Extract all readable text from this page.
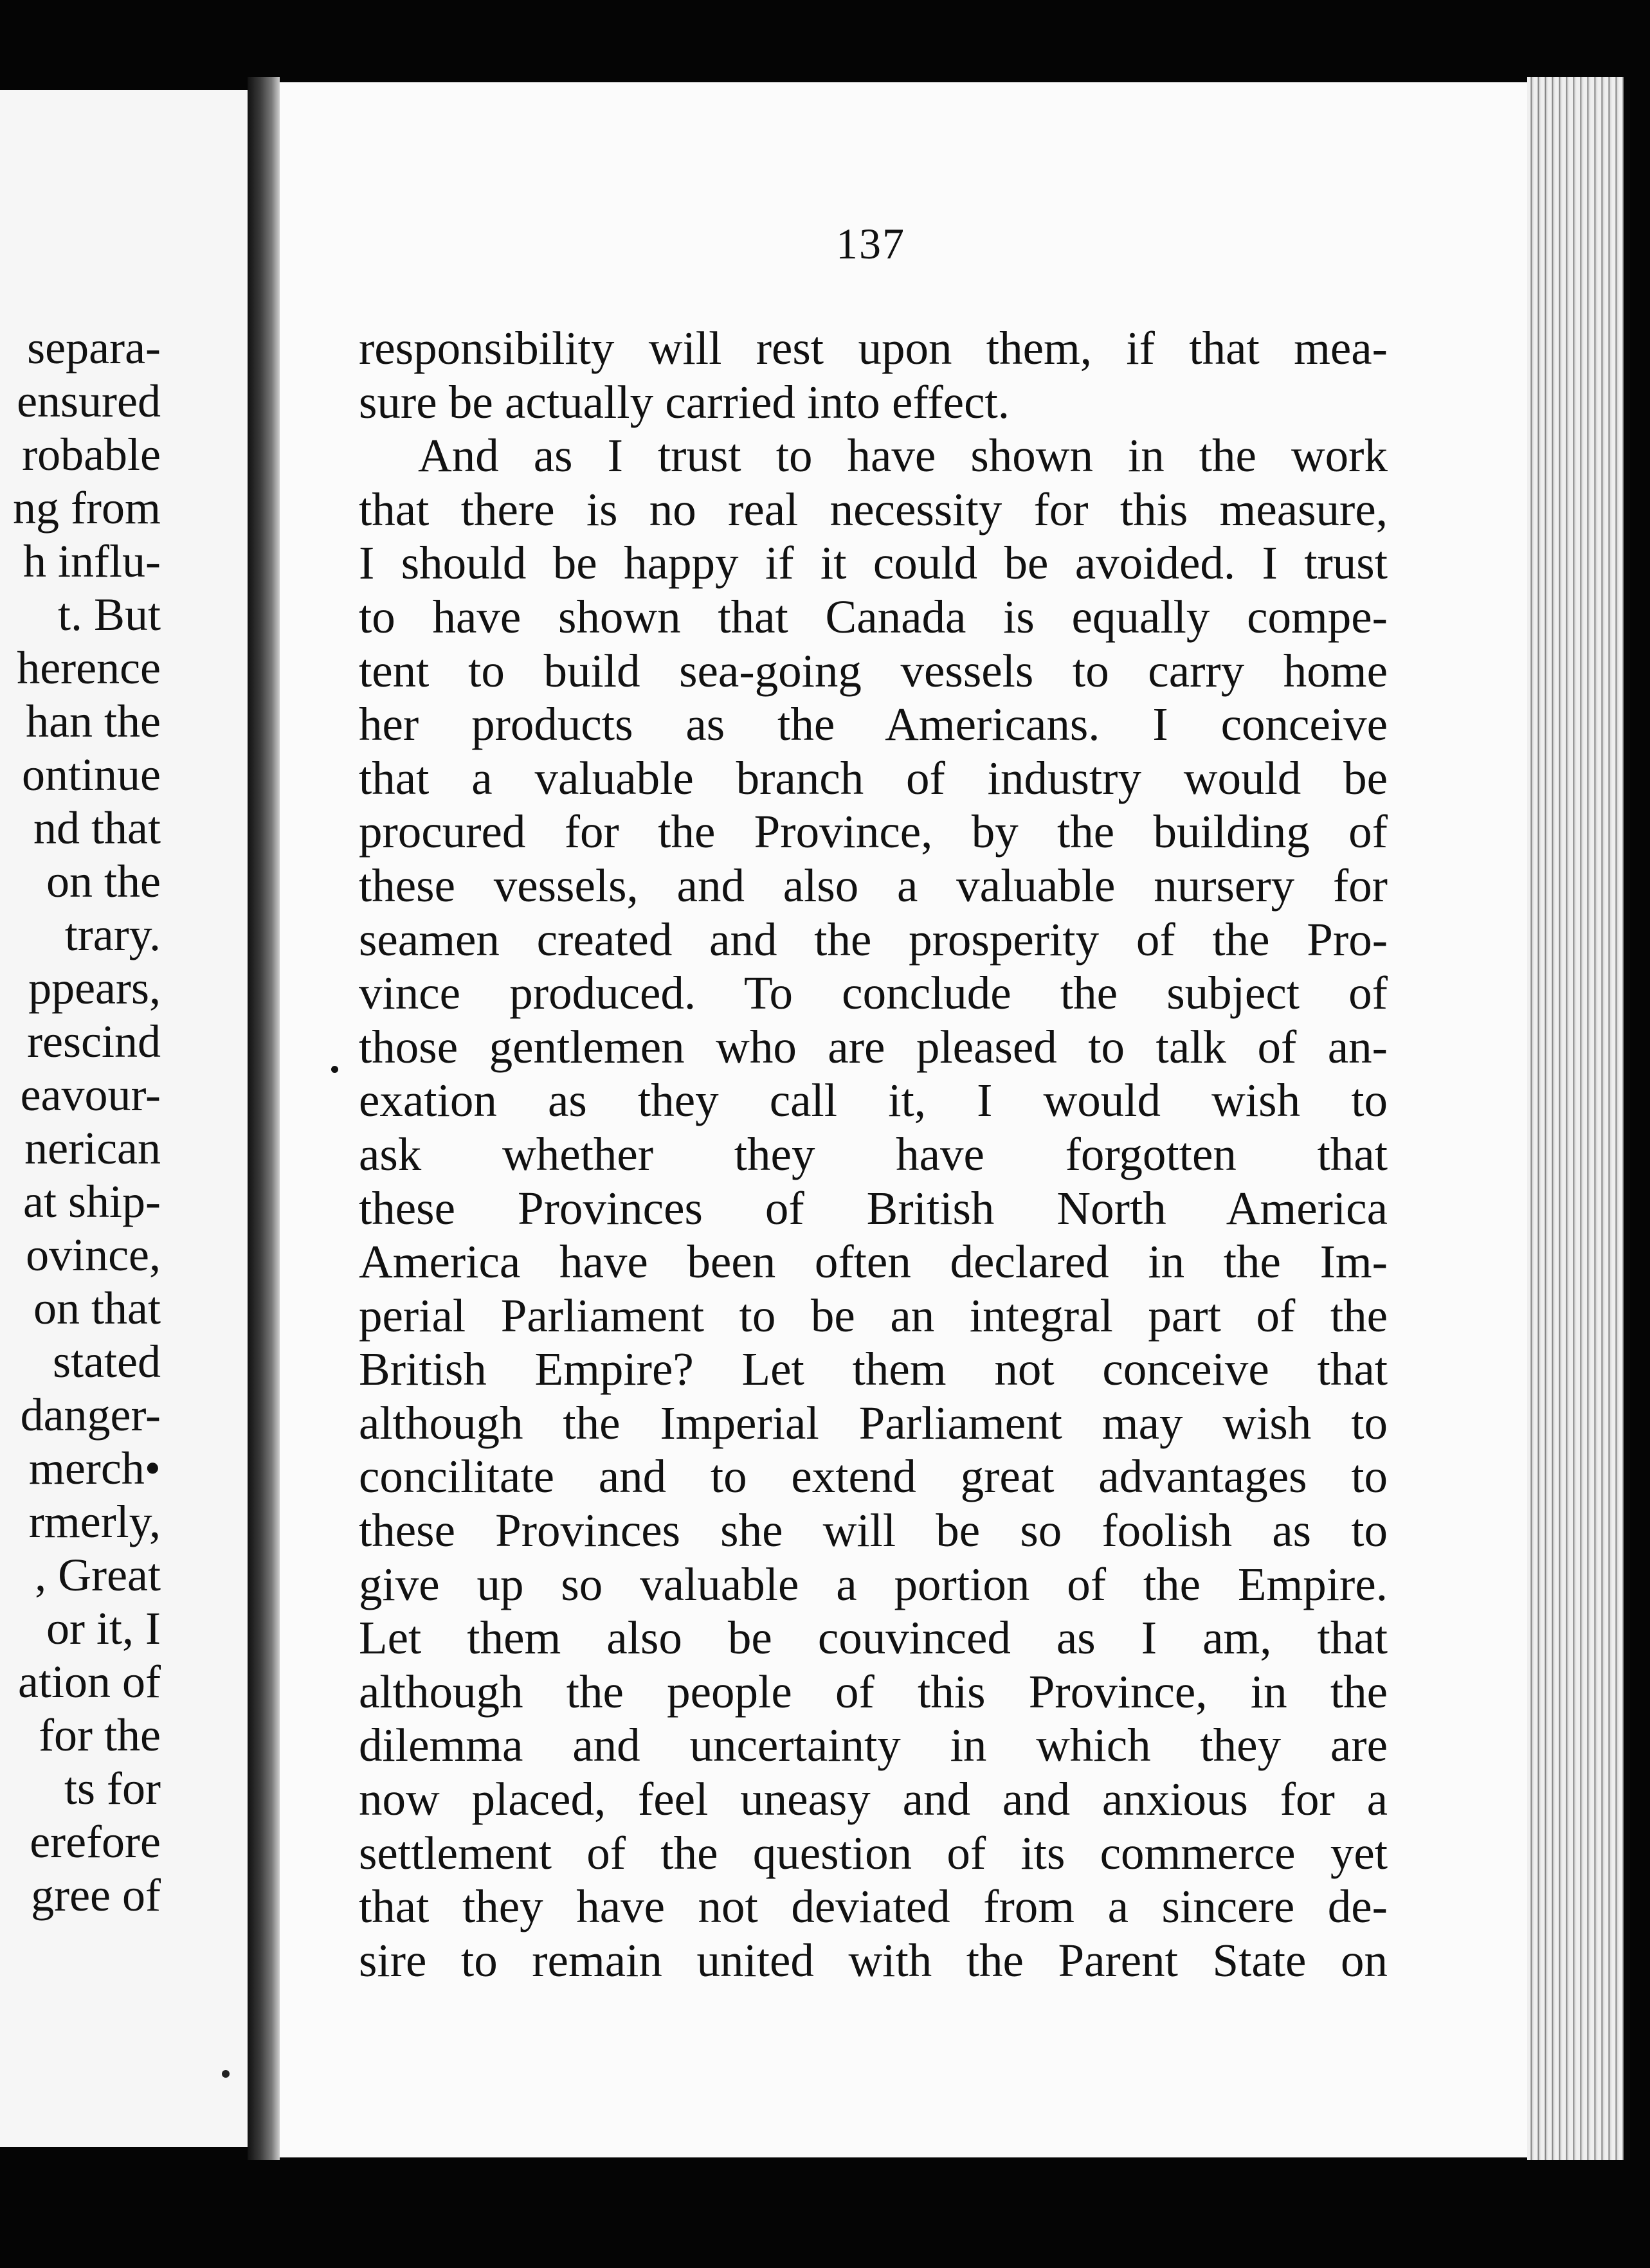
separa-
ensured
robable
ng from
h influ-
t. But
herence
han the
ontinue
nd that
on the
trary.
ppears,
rescind
eavour-
nerican
at ship-
ovince,
on that
stated
danger-
merch•
rmerly,
, Great
or it, I
ation of
for the
ts for
erefore
gree of
137
responsibility will rest upon them, if that mea-
sure be actually carried into effect.
And as I trust to have shown in the work
that there is no real necessity for this measure,
I should be happy if it could be avoided. I trust
to have shown that Canada is equally compe-
tent to build sea-going vessels to carry home
her products as the Americans. I conceive
that a valuable branch of industry would be
procured for the Province, by the building of
these vessels, and also a valuable nursery for
seamen created and the prosperity of the Pro-
vince produced. To conclude the subject of
those gentlemen who are pleased to talk of an-
exation as they call it, I would wish to
ask whether they have forgotten that
these Provinces of British North America
America have been often declared in the Im-
perial Parliament to be an integral part of the
British Empire? Let them not conceive that
although the Imperial Parliament may wish to
concilitate and to extend great advantages to
these Provinces she will be so foolish as to
give up so valuable a portion of the Empire.
Let them also be couvinced as I am, that
although the people of this Province, in the
dilemma and uncertainty in which they are
now placed, feel uneasy and and anxious for a
settlement of the question of its commerce yet
that they have not deviated from a sincere de-
sire to remain united with the Parent State on
